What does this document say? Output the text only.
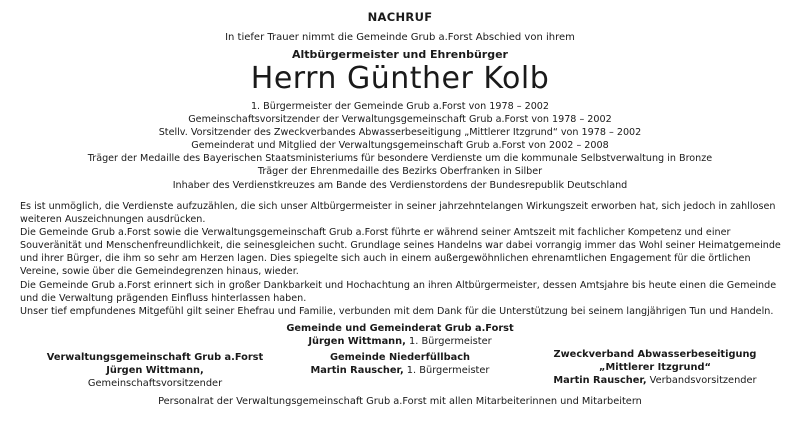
NACHRUF
In tiefer Trauer nimmt die Gemeinde Grub a.Forst Abschied von ihrem
Altbürgermeister und Ehrenbürger
Herrn Günther Kolb
1. Bürgermeister der Gemeinde Grub a.Forst von 1978 – 2002
Gemeinschaftsvorsitzender der Verwaltungsgemeinschaft Grub a.Forst von 1978 – 2002
Stellv. Vorsitzender des Zweckverbandes Abwasserbeseitigung „Mittlerer Itzgrund“ von 1978 – 2002
Gemeinderat und Mitglied der Verwaltungsgemeinschaft Grub a.Forst von 2002 – 2008
Träger der Medaille des Bayerischen Staatsministeriums für besondere Verdienste um die kommunale Selbstverwaltung in Bronze
Träger der Ehrenmedaille des Bezirks Oberfranken in Silber
Inhaber des Verdienstkreuzes am Bande des Verdienstordens der Bundesrepublik Deutschland

Es ist unmöglich, die Verdienste aufzuzählen, die sich unser Altbürgermeister in seiner jahrzehntelangen Wirkungszeit erworben hat, sich jedoch in zahllosen weiteren Auszeichnungen ausdrücken.

Die Gemeinde Grub a.Forst sowie die Verwaltungsgemeinschaft Grub a.Forst führte er während seiner Amtszeit mit fachlicher Kompetenz und einer Souveränität und Menschenfreundlichkeit, die seinesgleichen sucht. Grundlage seines Handelns war dabei vorrangig immer das Wohl seiner Heimatgemeinde und ihrer Bürger, die ihm so sehr am Herzen lagen. Dies spiegelte sich auch in einem außergewöhnlichen ehrenamtlichen Engagement für die örtlichen Vereine, sowie über die Gemeindegrenzen hinaus, wieder.

Die Gemeinde Grub a.Forst erinnert sich in großer Dankbarkeit und Hochachtung an ihren Altbürgermeister, dessen Amtsjahre bis heute einen die Gemeinde und die Verwaltung prägenden Einfluss hinterlassen haben.

Unser tief empfundenes Mitgefühl gilt seiner Ehefrau und Familie, verbunden mit dem Dank für die Unterstützung bei seinem langjährigen Tun und Handeln.

Gemeinde und Gemeinderat Grub a.Forst
Jürgen Wittmann, 1. Bürgermeister
Verwaltungsgemeinschaft Grub a.Forst
Jürgen Wittmann, Gemeinschaftsvorsitzender
Gemeinde Niederfüllbach
Martin Rauscher, 1. Bürgermeister
Zweckverband Abwasserbeseitigung
„Mittlerer Itzgrund“
Martin Rauscher, Verbandsvorsitzender
Personalrat der Verwaltungsgemeinschaft Grub a.Forst mit allen Mitarbeiterinnen und Mitarbeitern
